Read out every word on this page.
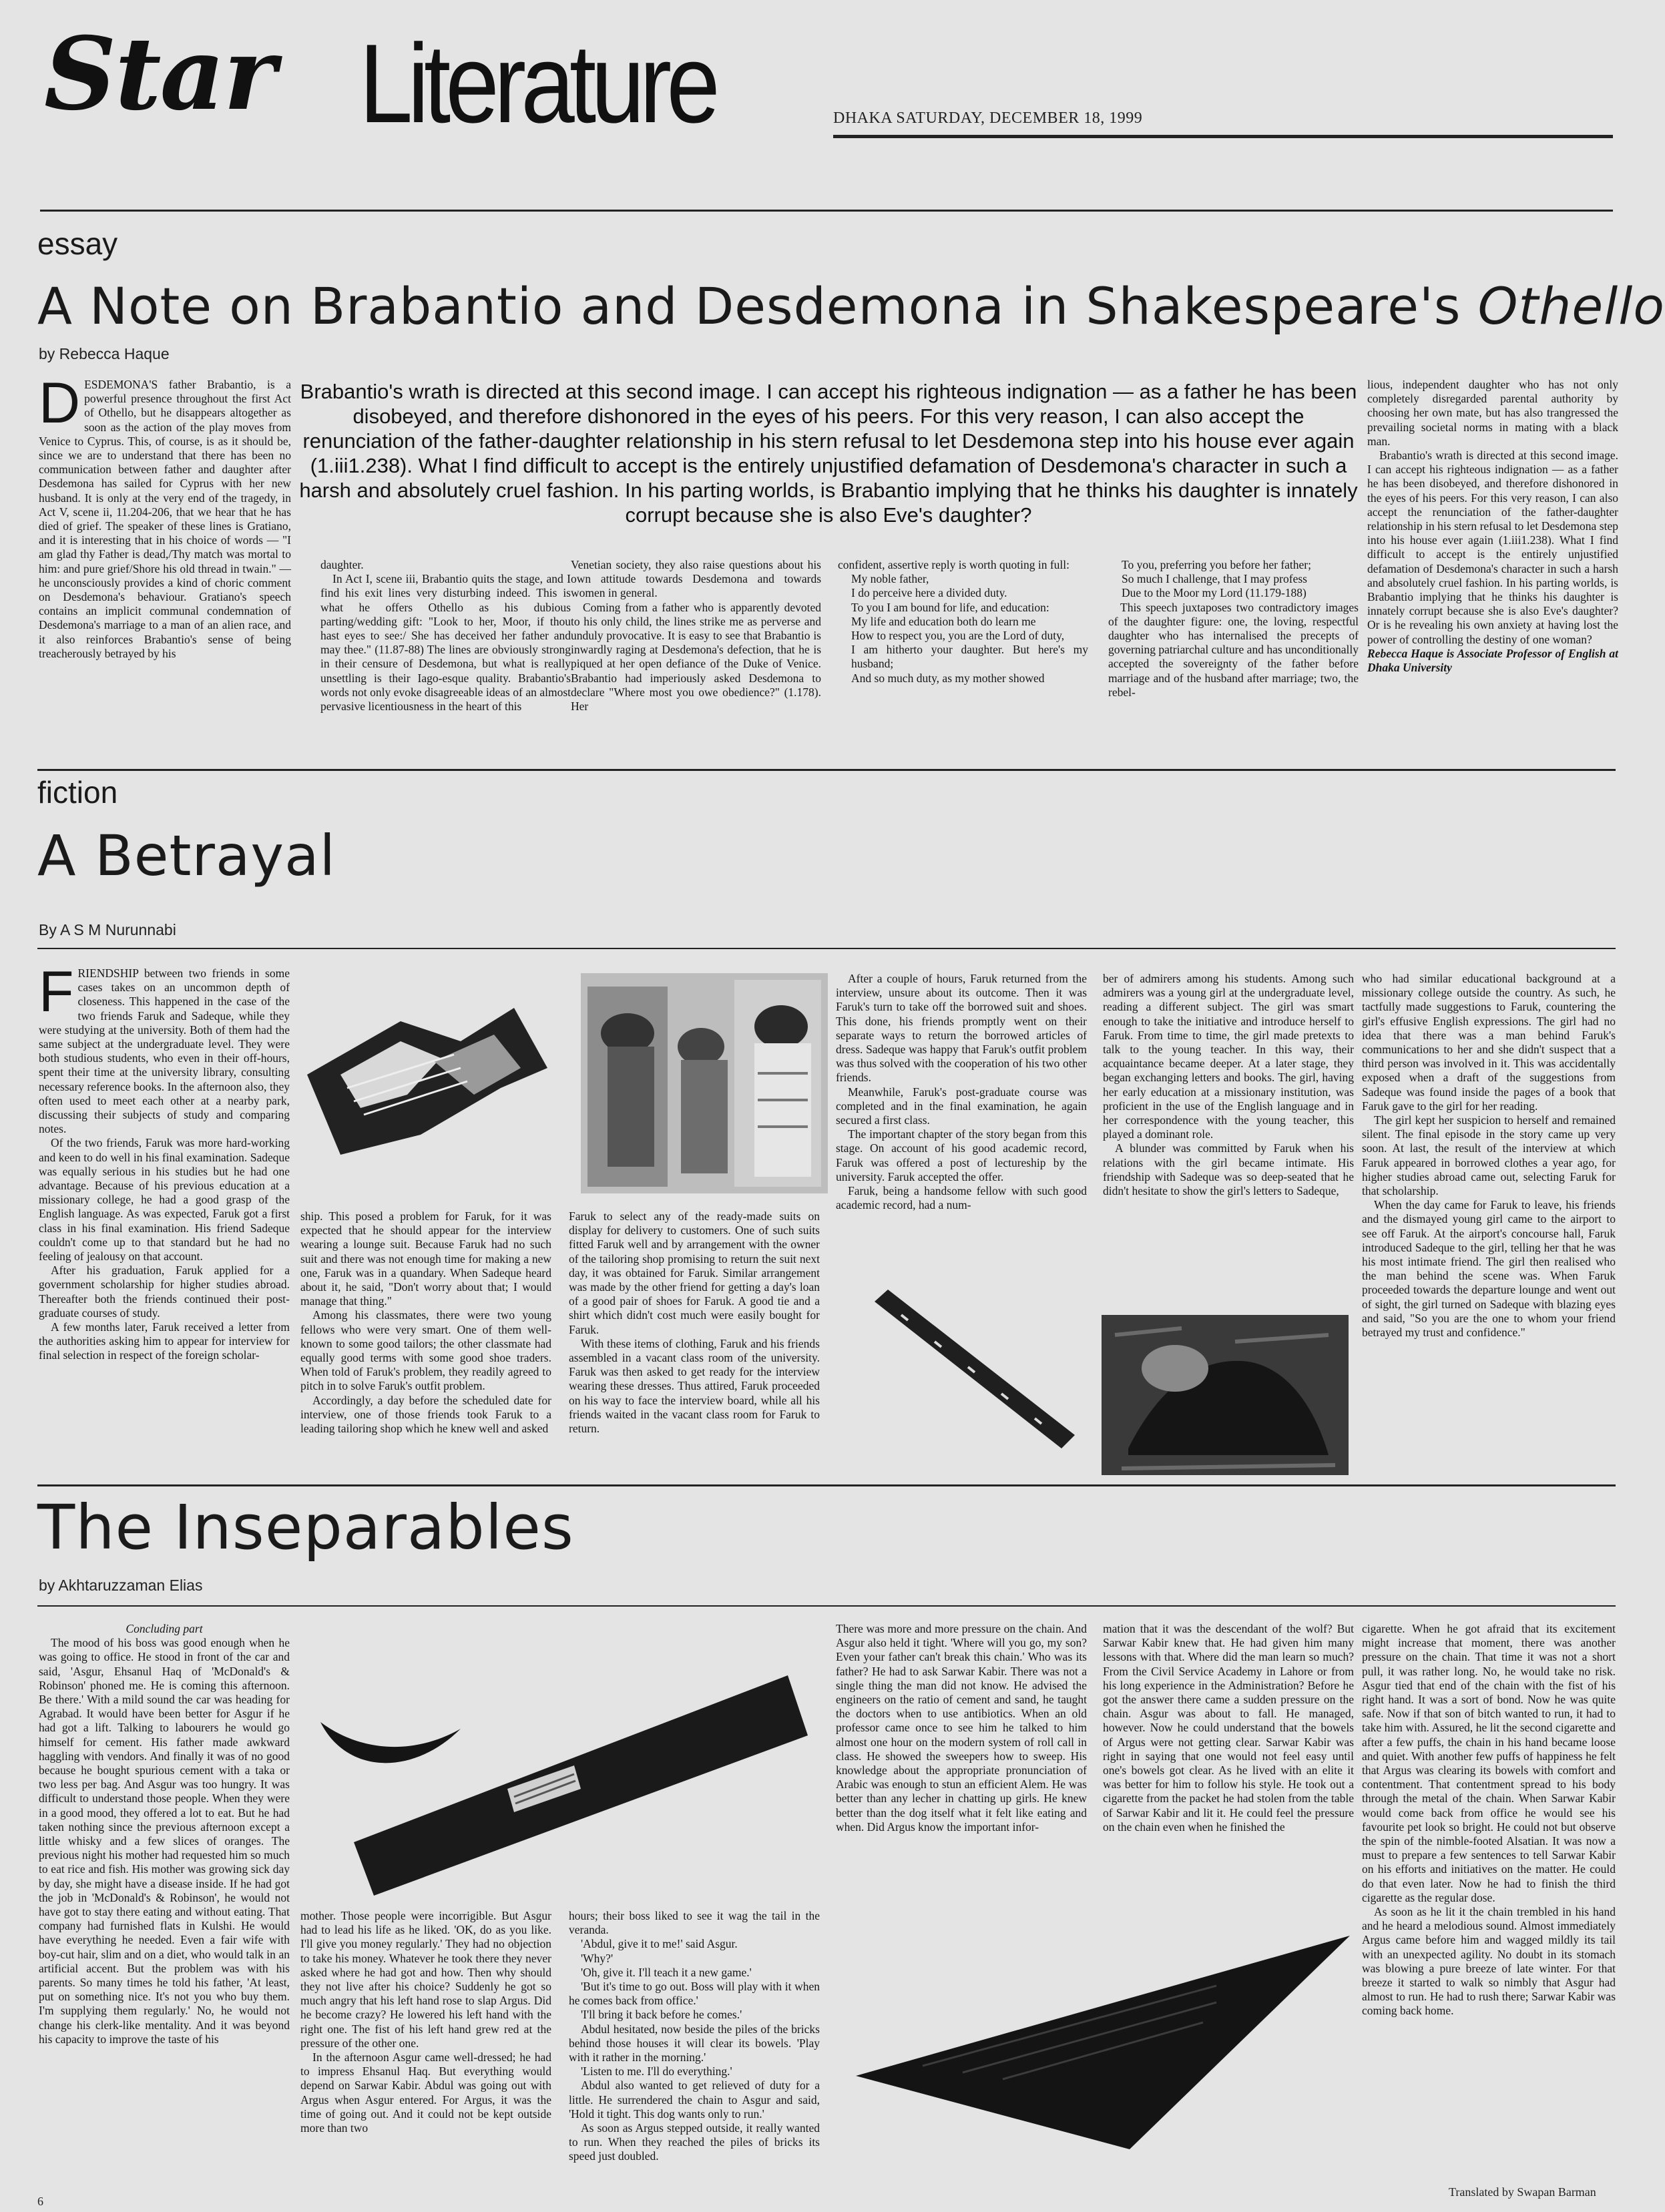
Star Literature	DHAKA SATURDAY, DECEMBER 18, 1999
essay
A Note on Brabantio and Desdemona in Shakespeare's Othello
by Rebecca Haque

DESDEMONA'S father Brabantio, is a powerful presence throughout the first Act of Othello, but he disappears altogether as soon as the action of the play moves from Venice to Cyprus. This, of course, is as it should be, since we are to understand that there has been no communication between father and daughter after Desdemona has sailed for Cyprus with her new husband. It is only at the very end of the tragedy, in Act V, scene ii, 11.204-206, that we hear that he has died of grief. The speaker of these lines is Gratiano, and it is interesting that in his choice of words — "I am glad thy Father is dead,/Thy match was mortal to him: and pure grief/Shore his old thread in twain." — he unconsciously provides a kind of choric comment on Desdemona's behaviour. Gratiano's speech contains an implicit communal condemnation of Desdemona's marriage to a man of an alien race, and it also reinforces Brabantio's sense of being treacherously betrayed by his

Brabantio's wrath is directed at this second image. I can accept his righteous indignation — as a father he has been disobeyed, and therefore dishonored in the eyes of his peers. For this very reason, I can also accept the renunciation of the father-daughter relationship in his stern refusal to let Desdemona step into his house ever again (1.iii1.238). What I find difficult to accept is the entirely unjustified defamation of Desdemona's character in such a harsh and absolutely cruel fashion. In his parting worlds, is Brabantio implying that he thinks his daughter is innately corrupt because she is also Eve's daughter?

daughter.

In Act I, scene iii, Brabantio quits the stage, and I find his exit lines very disturbing indeed. This is what he offers Othello as his dubious parting/wedding gift: "Look to her, Moor, if thou hast eyes to see:/ She has deceived her father and may thee." (11.87-88) The lines are obviously strong in their censure of Desdemona, but what is really unsettling is their Iago-esque quality. Brabantio's words not only evoke disagreeable ideas of an almost pervasive licentiousness in the heart of this

Venetian society, they also raise questions about his own attitude towards Desdemona and towards women in general.

Coming from a father who is apparently devoted to his only child, the lines strike me as perverse and unduly provocative. It is easy to see that Brabantio is inwardly raging at Desdemona's defection, that he is piqued at her open defiance of the Duke of Venice. Brabantio had imperiously asked Desdemona to declare "Where most you owe obedience?" (1.178). Her

confident, assertive reply is worth quoting in full:

My noble father,

I do perceive here a divided duty.

To you I am bound for life, and education:

My life and education both do learn me

How to respect you, you are the Lord of duty,

I am hitherto your daughter. But here's my husband;

And so much duty, as my mother showed

To you, preferring you before her father;

So much I challenge, that I may profess

Due to the Moor my Lord (11.179-188)

This speech juxtaposes two contradictory images of the daughter figure: one, the loving, respectful daughter who has internalised the precepts of governing patriarchal culture and has unconditionally accepted the sovereignty of the father before marriage and of the husband after marriage; two, the rebel-

lious, independent daughter who has not only completely disregarded parental authority by choosing her own mate, but has also trangressed the prevailing societal norms in mating with a black man.

Brabantio's wrath is directed at this second image. I can accept his righteous indignation — as a father he has been disobeyed, and therefore dishonored in the eyes of his peers. For this very reason, I can also accept the renunciation of the father-daughter relationship in his stern refusal to let Desdemona step into his house ever again (1.iii1.238). What I find difficult to accept is the entirely unjustified defamation of Desdemona's character in such a harsh and absolutely cruel fashion. In his parting worlds, is Brabantio implying that he thinks his daughter is innately corrupt because she is also Eve's daughter? Or is he revealing his own anxiety at having lost the power of controlling the destiny of one woman?

Rebecca Haque is Associate Professor of English at Dhaka University

fiction
A Betrayal
By A S M Nurunnabi

FRIENDSHIP between two friends in some cases takes on an uncommon depth of closeness. This happened in the case of the two friends Faruk and Sadeque, while they were studying at the university. Both of them had the same subject at the undergraduate level. They were both studious students, who even in their off-hours, spent their time at the university library, consulting necessary reference books. In the afternoon also, they often used to meet each other at a nearby park, discussing their subjects of study and comparing notes.

Of the two friends, Faruk was more hard-working and keen to do well in his final examination. Sadeque was equally serious in his studies but he had one advantage. Because of his previous education at a missionary college, he had a good grasp of the English language. As was expected, Faruk got a first class in his final examination. His friend Sadeque couldn't come up to that standard but he had no feeling of jealousy on that account.

After his graduation, Faruk applied for a government scholarship for higher studies abroad. Thereafter both the friends continued their post-graduate courses of study.

A few months later, Faruk received a letter from the authorities asking him to appear for interview for final selection in respect of the foreign scholar-

ship. This posed a problem for Faruk, for it was expected that he should appear for the interview wearing a lounge suit. Because Faruk had no such suit and there was not enough time for making a new one, Faruk was in a quandary. When Sadeque heard about it, he said, "Don't worry about that; I would manage that thing."

Among his classmates, there were two young fellows who were very smart. One of them well-known to some good tailors; the other classmate had equally good terms with some good shoe traders. When told of Faruk's problem, they readily agreed to pitch in to solve Faruk's outfit problem.

Accordingly, a day before the scheduled date for interview, one of those friends took Faruk to a leading tailoring shop which he knew well and asked

Faruk to select any of the ready-made suits on display for delivery to customers. One of such suits fitted Faruk well and by arrangement with the owner of the tailoring shop promising to return the suit next day, it was obtained for Faruk. Similar arrangement was made by the other friend for getting a day's loan of a good pair of shoes for Faruk. A good tie and a shirt which didn't cost much were easily bought for Faruk.

With these items of clothing, Faruk and his friends assembled in a vacant class room of the university. Faruk was then asked to get ready for the interview wearing these dresses. Thus attired, Faruk proceeded on his way to face the interview board, while all his friends waited in the vacant class room for Faruk to return.

After a couple of hours, Faruk returned from the interview, unsure about its outcome. Then it was Faruk's turn to take off the borrowed suit and shoes. This done, his friends promptly went on their separate ways to return the borrowed articles of dress. Sadeque was happy that Faruk's outfit problem was thus solved with the cooperation of his two other friends.

Meanwhile, Faruk's post-graduate course was completed and in the final examination, he again secured a first class.

The important chapter of the story began from this stage. On account of his good academic record, Faruk was offered a post of lectureship by the university. Faruk accepted the offer.

Faruk, being a handsome fellow with such good academic record, had a num-

ber of admirers among his students. Among such admirers was a young girl at the undergraduate level, reading a different subject. The girl was smart enough to take the initiative and introduce herself to Faruk. From time to time, the girl made pretexts to talk to the young teacher. In this way, their acquaintance became deeper. At a later stage, they began exchanging letters and books. The girl, having her early education at a missionary institution, was proficient in the use of the English language and in her correspondence with the young teacher, this played a dominant role.

A blunder was committed by Faruk when his relations with the girl became intimate. His friendship with Sadeque was so deep-seated that he didn't hesitate to show the girl's letters to Sadeque,

who had similar educational background at a missionary college outside the country. As such, he tactfully made suggestions to Faruk, countering the girl's effusive English expressions. The girl had no idea that there was a man behind Faruk's communications to her and she didn't suspect that a third person was involved in it. This was accidentally exposed when a draft of the suggestions from Sadeque was found inside the pages of a book that Faruk gave to the girl for her reading.

The girl kept her suspicion to herself and remained silent. The final episode in the story came up very soon. At last, the result of the interview at which Faruk appeared in borrowed clothes a year ago, for higher studies abroad came out, selecting Faruk for that scholarship.

When the day came for Faruk to leave, his friends and the dismayed young girl came to the airport to see off Faruk. At the airport's concourse hall, Faruk introduced Sadeque to the girl, telling her that he was his most intimate friend. The girl then realised who the man behind the scene was. When Faruk proceeded towards the departure lounge and went out of sight, the girl turned on Sadeque with blazing eyes and said, "So you are the one to whom your friend betrayed my trust and confidence."

The Inseparables
by Akhtaruzzaman Elias

Concluding part

The mood of his boss was good enough when he was going to office. He stood in front of the car and said, 'Asgur, Ehsanul Haq of 'McDonald's & Robinson' phoned me. He is coming this afternoon. Be there.' With a mild sound the car was heading for Agrabad. It would have been better for Asgur if he had got a lift. Talking to labourers he would go himself for cement. His father made awkward haggling with vendors. And finally it was of no good because he bought spurious cement with a taka or two less per bag. And Asgur was too hungry. It was difficult to understand those people. When they were in a good mood, they offered a lot to eat. But he had taken nothing since the previous afternoon except a little whisky and a few slices of oranges. The previous night his mother had requested him so much to eat rice and fish. His mother was growing sick day by day, she might have a disease inside. If he had got the job in 'McDonald's & Robinson', he would not have got to stay there eating and without eating. That company had furnished flats in Kulshi. He would have everything he needed. Even a fair wife with boy-cut hair, slim and on a diet, who would talk in an artificial accent. But the problem was with his parents. So many times he told his father, 'At least, put on something nice. It's not you who buy them. I'm supplying them regularly.' No, he would not change his clerk-like mentality. And it was beyond his capacity to improve the taste of his

mother. Those people were incorrigible. But Asgur had to lead his life as he liked. 'OK, do as you like. I'll give you money regularly.' They had no objection to take his money. Whatever he took there they never asked where he had got and how. Then why should they not live after his choice? Suddenly he got so much angry that his left hand rose to slap Argus. Did he become crazy? He lowered his left hand with the right one. The fist of his left hand grew red at the pressure of the other one.

In the afternoon Asgur came well-dressed; he had to impress Ehsanul Haq. But everything would depend on Sarwar Kabir. Abdul was going out with Argus when Asgur entered. For Argus, it was the time of going out. And it could not be kept outside more than two

hours; their boss liked to see it wag the tail in the veranda.

'Abdul, give it to me!' said Asgur.

'Why?'

'Oh, give it. I'll teach it a new game.'

'But it's time to go out. Boss will play with it when he comes back from office.'

'I'll bring it back before he comes.'

Abdul hesitated, now beside the piles of the bricks behind those houses it will clear its bowels. 'Play with it rather in the morning.'

'Listen to me. I'll do everything.'

Abdul also wanted to get relieved of duty for a little. He surrendered the chain to Asgur and said, 'Hold it tight. This dog wants only to run.'

As soon as Argus stepped outside, it really wanted to run. When they reached the piles of bricks its speed just doubled.

There was more and more pressure on the chain. And Asgur also held it tight. 'Where will you go, my son? Even your father can't break this chain.' Who was its father? He had to ask Sarwar Kabir. There was not a single thing the man did not know. He advised the engineers on the ratio of cement and sand, he taught the doctors when to use antibiotics. When an old professor came once to see him he talked to him almost one hour on the modern system of roll call in class. He showed the sweepers how to sweep. His knowledge about the appropriate pronunciation of Arabic was enough to stun an efficient Alem. He was better than any lecher in chatting up girls. He knew better than the dog itself what it felt like eating and when. Did Argus know the important infor-

mation that it was the descendant of the wolf? But Sarwar Kabir knew that. He had given him many lessons with that. Where did the man learn so much? From the Civil Service Academy in Lahore or from his long experience in the Administration? Before he got the answer there came a sudden pressure on the chain. Asgur was about to fall. He managed, however. Now he could understand that the bowels of Argus were not getting clear. Sarwar Kabir was right in saying that one would not feel easy until one's bowels got clear. As he lived with an elite it was better for him to follow his style. He took out a cigarette from the packet he had stolen from the table of Sarwar Kabir and lit it. He could feel the pressure on the chain even when he finished the

cigarette. When he got afraid that its excitement might increase that moment, there was another pressure on the chain. That time it was not a short pull, it was rather long. No, he would take no risk. Asgur tied that end of the chain with the fist of his right hand. It was a sort of bond. Now he was quite safe. Now if that son of bitch wanted to run, it had to take him with. Assured, he lit the second cigarette and after a few puffs, the chain in his hand became loose and quiet. With another few puffs of happiness he felt that Argus was clearing its bowels with comfort and contentment. That contentment spread to his body through the metal of the chain. When Sarwar Kabir would come back from office he would see his favourite pet look so bright. He could not but observe the spin of the nimble-footed Alsatian. It was now a must to prepare a few sentences to tell Sarwar Kabir on his efforts and initiatives on the matter. He could do that even later. Now he had to finish the third cigarette as the regular dose.

As soon as he lit it the chain trembled in his hand and he heard a melodious sound. Almost immediately Argus came before him and wagged mildly its tail with an unexpected agility. No doubt in its stomach was blowing a pure breeze of late winter. For that breeze it started to walk so nimbly that Asgur had almost to run. He had to rush there; Sarwar Kabir was coming back home.

Translated by Swapan Barman
6
